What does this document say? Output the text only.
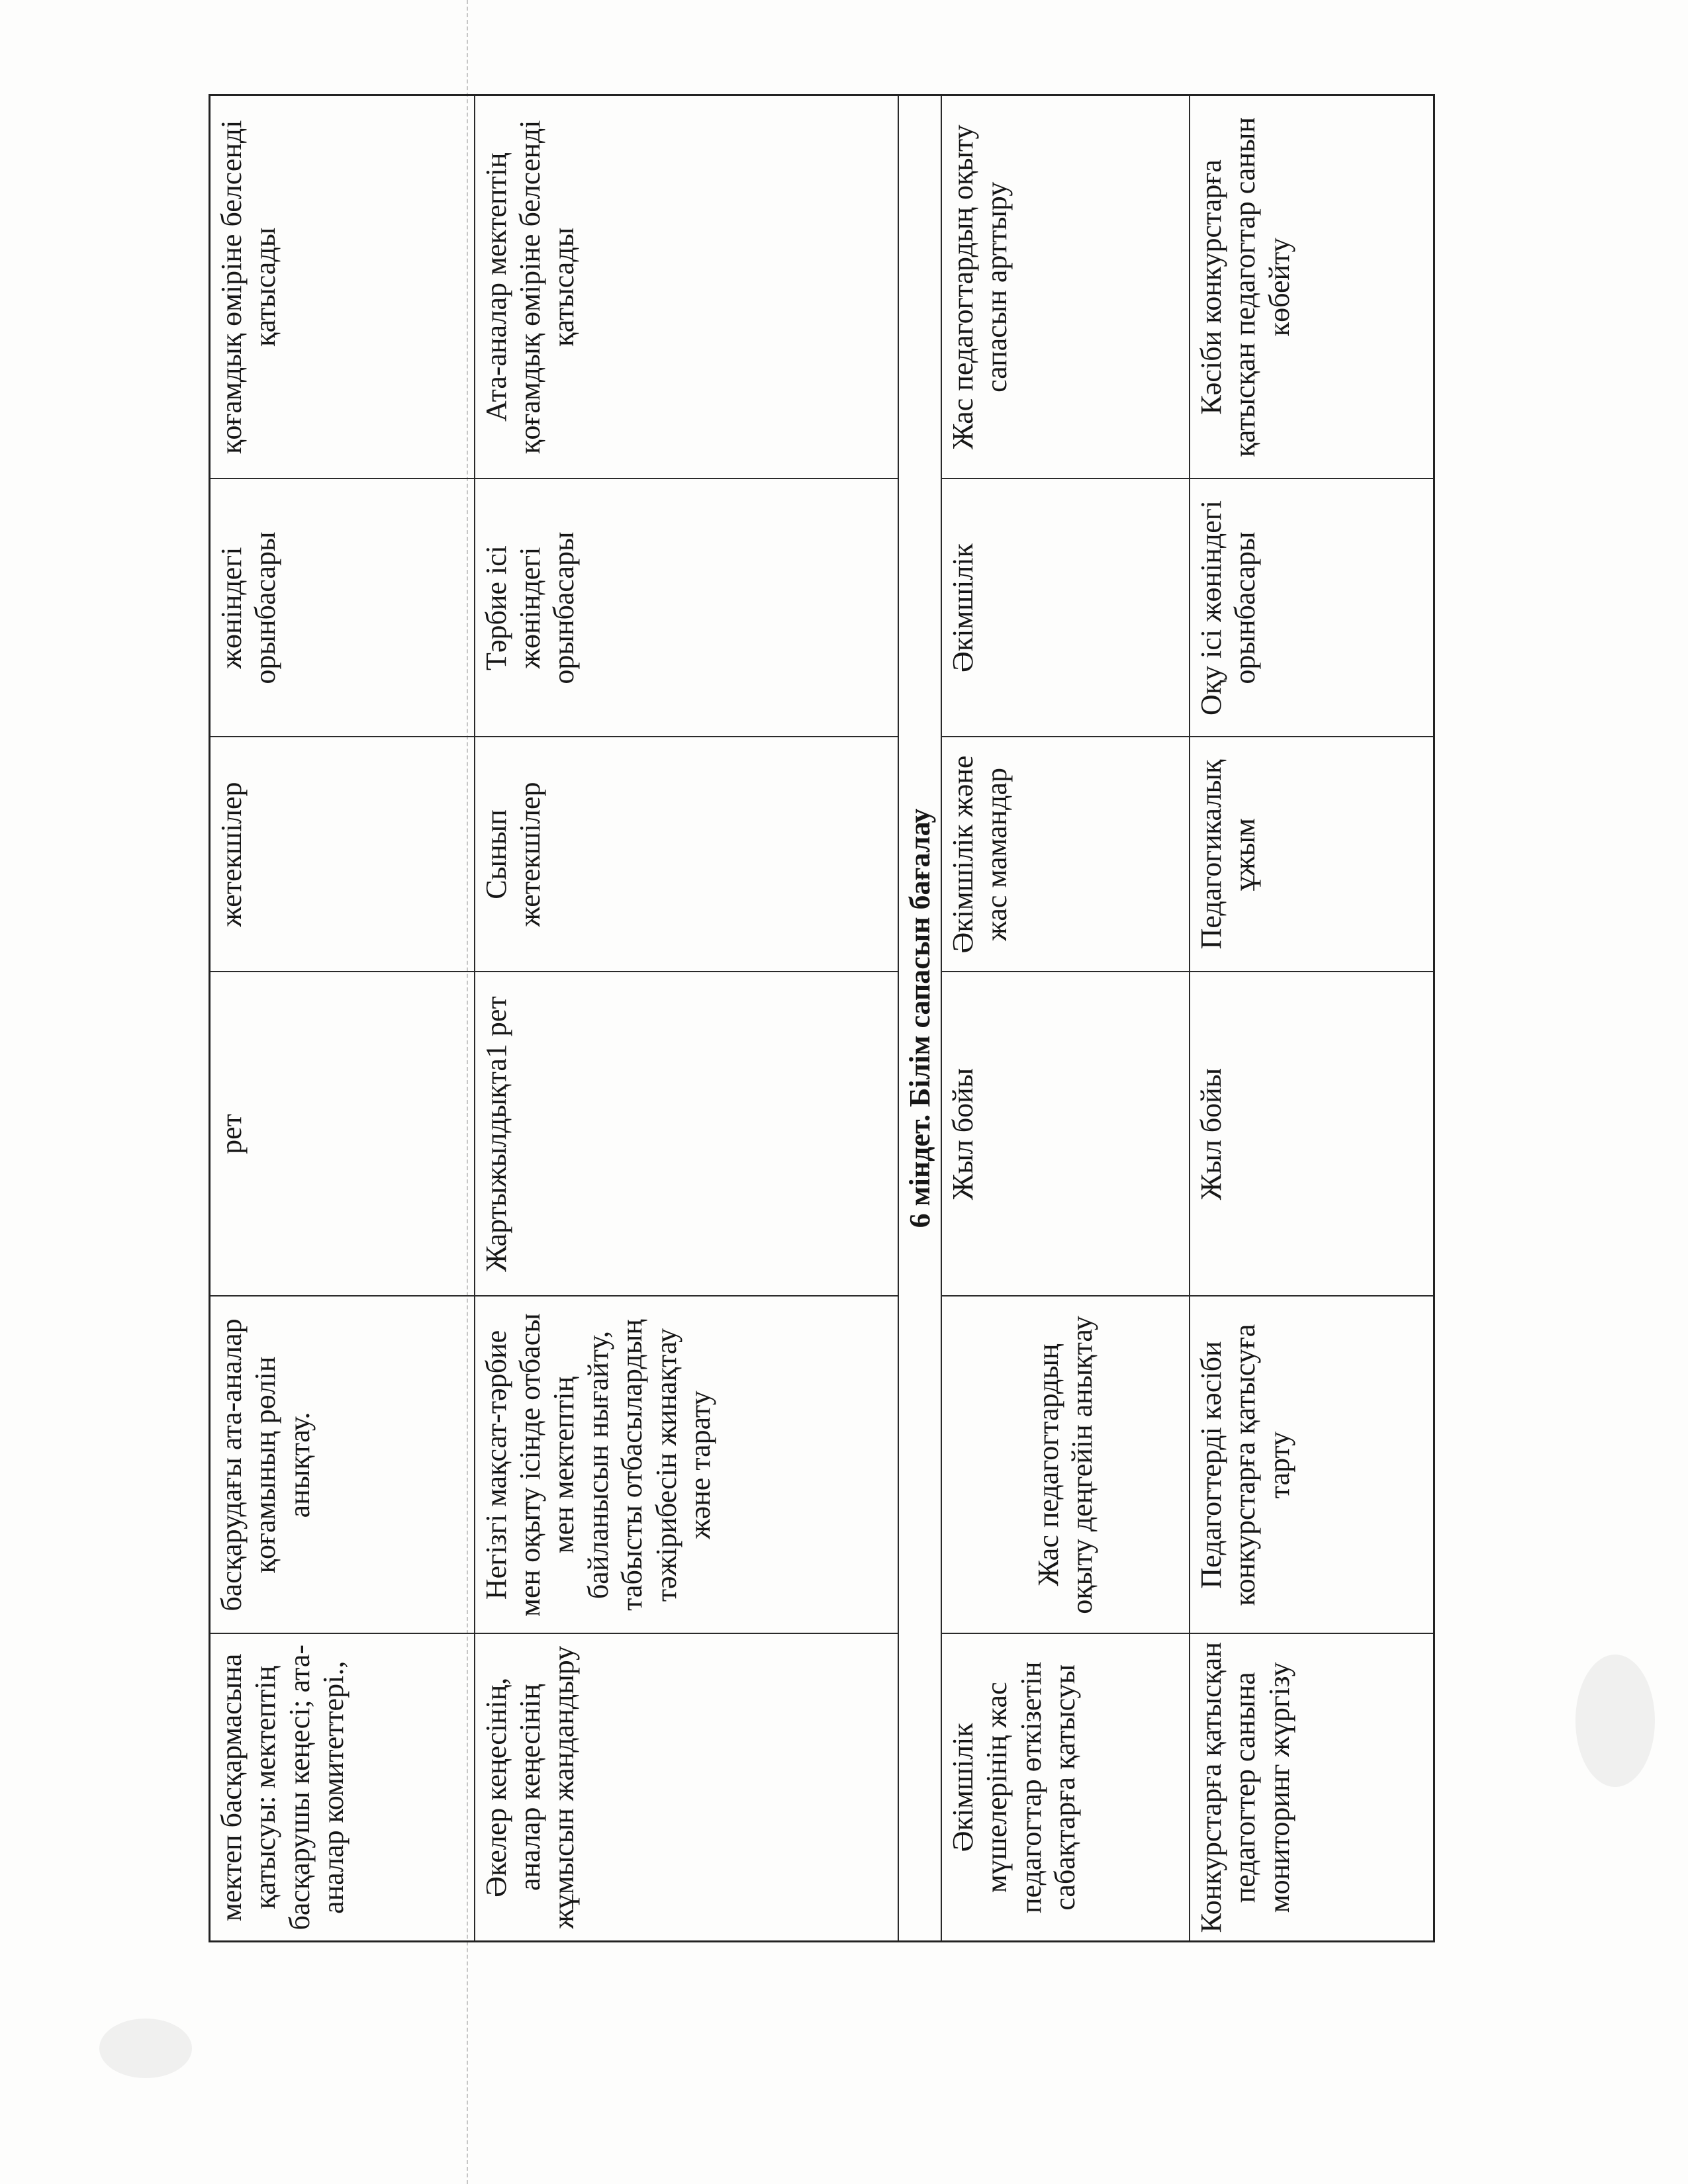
мектеп басқармасына қатысуы: мектептің басқарушы кеңесі; ата-аналар комитеттері.,	басқарудағы ата-аналар қоғамының рөлін анықтау.	рет	жетекшілер	жөніндегі орынбасары	қоғамдық өміріне белсенді қатысады
Әкелер кеңесінің, аналар кеңесінің жұмысын жандандыру	Негізгі мақсат-тәрбие мен оқыту ісінде отбасы мен мектептің байланысын нығайту, табысты отбасылардың тәжірибесін жинақтау және тарату	Жартыжылдықта1 рет	Сынып жетекшілер	Тәрбие ісі жөніндегі орынбасары	Ата-аналар мектептің қоғамдық өміріне белсенді қатысады
6 міндет. Білім сапасын бағалау					
Әкімшілік мүшелерінің жас педагогтар өткізетін сабақтарға қатысуы	Жас педагогтардың оқыту деңгейін анықтау	Жыл бойы	Әкімшілік және жас мамандар	Әкімшілік	Жас педагогтардың оқыту сапасын арттыру
Конкурстарға қатысқан педагогтер санына мониторинг жүргізу	Педагогтерді кәсіби конкурстарға қатысуға тарту	Жыл бойы	Педагогикалық ұжым	Оқу ісі жөніндегі орынбасары	Кәсіби конкурстарға қатысқан педагогтар санын көбейту
